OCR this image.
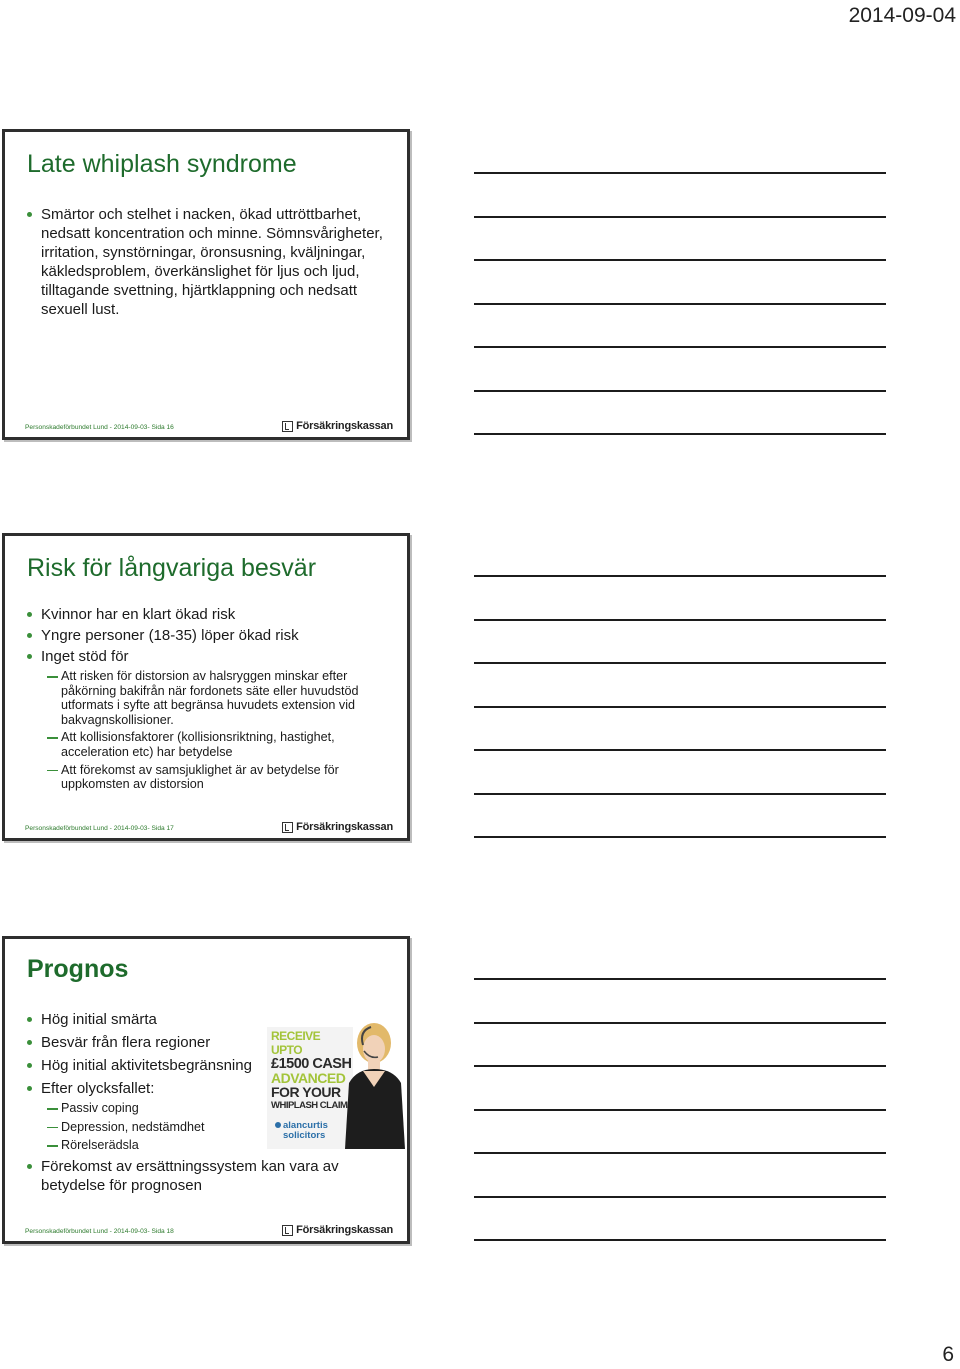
2014-09-04
Late whiplash syndrome
Smärtor och stelhet i nacken, ökad uttröttbarhet, nedsatt koncentration och minne. Sömnsvårigheter, irritation, synstörningar, öronsusning, kväljningar, käkledsproblem, överkänslighet för ljus och ljud, tilltagande svettning, hjärtklappning och nedsatt sexuell lust.
Personskadeförbundet Lund - 2014-09-03- Sida 16	Försäkringskassan
Risk för långvariga besvär
Kvinnor har en klart ökad risk
Yngre personer (18-35) löper ökad risk
Inget stöd för
Att risken för distorsion av halsryggen minskar efter påkörning bakifrån när fordonets säte eller huvudstöd utformats i syfte att begränsa huvudets extension vid bakvagnskollisioner.
Att kollisionsfaktorer (kollisionsriktning, hastighet, acceleration etc) har betydelse
Att förekomst av samsjuklighet är av betydelse för uppkomsten av distorsion
Personskadeförbundet Lund - 2014-09-03- Sida 17	Försäkringskassan
Prognos
Hög initial smärta
Besvär från flera regioner
Hög initial aktivitetsbegränsning
Efter olycksfallet:
Passiv coping
Depression, nedstämdhet
Rörelserädsla
Förekomst av ersättningssystem kan vara av betydelse för prognosen
RECEIVE UPTO
£1500 CASH
ADVANCED
FOR YOUR
WHIPLASH CLAIM
alancurtis
solicitors
Personskadeförbundet Lund - 2014-09-03- Sida 18	Försäkringskassan
6
